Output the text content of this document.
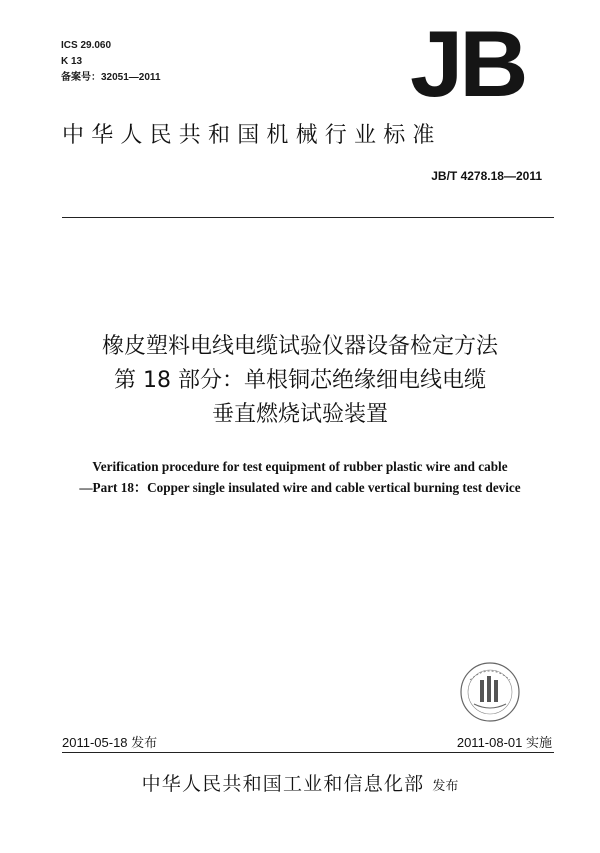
ICS 29.060
K 13
备案号：32051—2011	JB
中华人民共和国机械行业标准
JB/T 4278.18—2011
橡皮塑料电线电缆试验仪器设备检定方法
第 18 部分：单根铜芯绝缘细电线电缆
垂直燃烧试验装置
Verification procedure for test equipment of rubber plastic wire and cable
—Part 18：Copper single insulated wire and cable vertical burning test device
2011-05-18 发布	2011-08-01 实施
中华人民共和国工业和信息化部 发布
